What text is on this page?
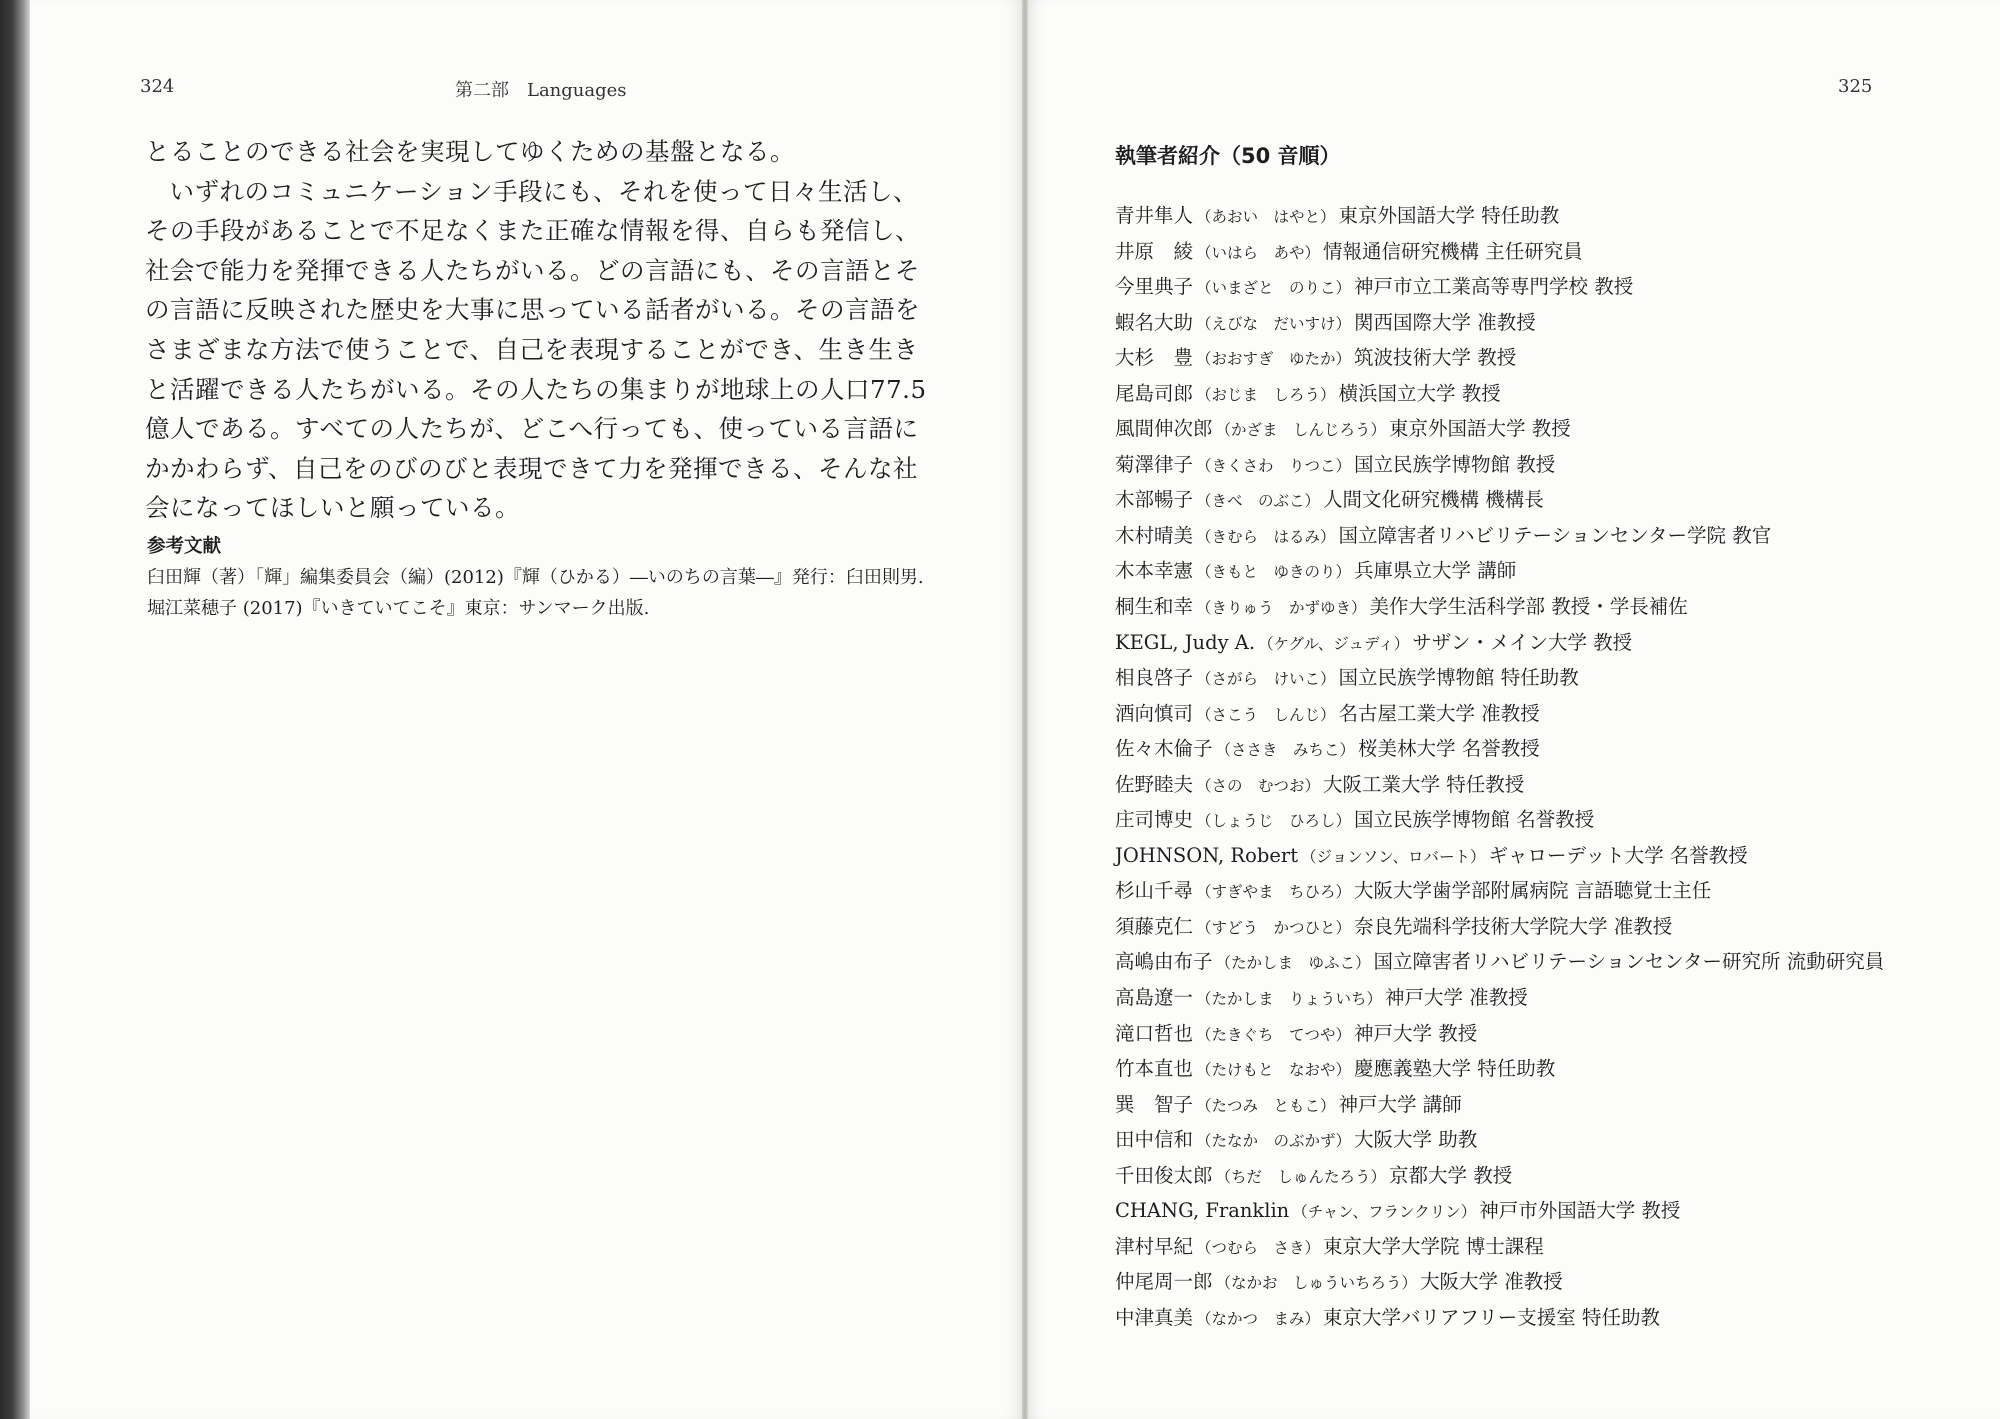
324	第二部　Languages

とることのできる社会を実現してゆくための基盤となる。

いずれのコミュニケーション手段にも、それを使って日々生活し、その手段があることで不足なくまた正確な情報を得、自らも発信し、社会で能力を発揮できる人たちがいる。どの言語にも、その言語とその言語に反映された歴史を大事に思っている話者がいる。その言語をさまざまな方法で使うことで、自己を表現することができ、生き生きと活躍できる人たちがいる。その人たちの集まりが地球上の人口77.5億人である。すべての人たちが、どこへ行っても、使っている言語にかかわらず、自己をのびのびと表現できて力を発揮できる、そんな社会になってほしいと願っている。

参考文献
臼田輝（著）「輝」編集委員会（編）(2012)『輝（ひかる）―いのちの言葉―』発行：臼田則男.
堀江菜穂子 (2017)『いきていてこそ』東京：サンマーク出版.
325
執筆者紹介（50 音順）
青井隼人 （あおい　はやと） 東京外国語大学 特任助教
井原　綾 （いはら　あや） 情報通信研究機構 主任研究員
今里典子 （いまざと　のりこ） 神戸市立工業高等専門学校 教授
蝦名大助 （えびな　だいすけ） 関西国際大学 准教授
大杉　豊 （おおすぎ　ゆたか） 筑波技術大学 教授
尾島司郎 （おじま　しろう） 横浜国立大学 教授
風間伸次郎 （かざま　しんじろう） 東京外国語大学 教授
菊澤律子 （きくさわ　りつこ） 国立民族学博物館 教授
木部暢子 （きべ　のぶこ） 人間文化研究機構 機構長
木村晴美 （きむら　はるみ） 国立障害者リハビリテーションセンター学院 教官
木本幸憲 （きもと　ゆきのり） 兵庫県立大学 講師
桐生和幸 （きりゅう　かずゆき） 美作大学生活科学部 教授・学長補佐
KEGL, Judy A. （ケグル、ジュディ） サザン・メイン大学 教授
相良啓子 （さがら　けいこ） 国立民族学博物館 特任助教
酒向慎司 （さこう　しんじ） 名古屋工業大学 准教授
佐々木倫子 （ささき　みちこ） 桜美林大学 名誉教授
佐野睦夫 （さの　むつお） 大阪工業大学 特任教授
庄司博史 （しょうじ　ひろし） 国立民族学博物館 名誉教授
JOHNSON, Robert （ジョンソン、ロバート） ギャローデット大学 名誉教授
杉山千尋 （すぎやま　ちひろ） 大阪大学歯学部附属病院 言語聴覚士主任
須藤克仁 （すどう　かつひと） 奈良先端科学技術大学院大学 准教授
高嶋由布子 （たかしま　ゆふこ） 国立障害者リハビリテーションセンター研究所 流動研究員
高島遼一 （たかしま　りょういち） 神戸大学 准教授
滝口哲也 （たきぐち　てつや） 神戸大学 教授
竹本直也 （たけもと　なおや） 慶應義塾大学 特任助教
巽　智子 （たつみ　ともこ） 神戸大学 講師
田中信和 （たなか　のぶかず） 大阪大学 助教
千田俊太郎 （ちだ　しゅんたろう） 京都大学 教授
CHANG, Franklin （チャン、フランクリン） 神戸市外国語大学 教授
津村早紀 （つむら　さき） 東京大学大学院 博士課程
仲尾周一郎 （なかお　しゅういちろう） 大阪大学 准教授
中津真美 （なかつ　まみ） 東京大学バリアフリー支援室 特任助教
